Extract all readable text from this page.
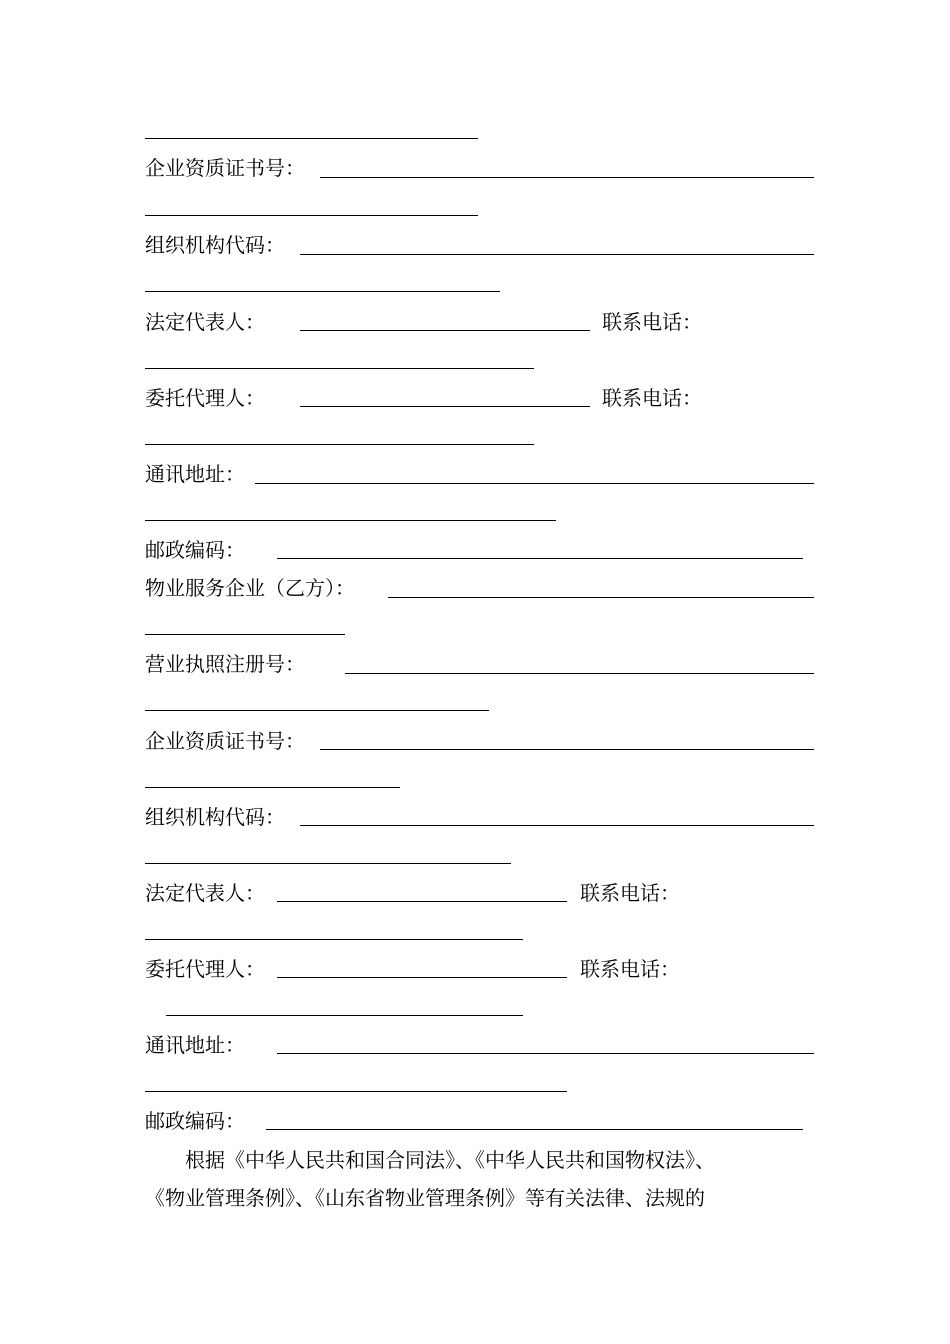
企业资质证书号：
组织机构代码：
法定代表人：	联系电话：
委托代理人：	联系电话：
通讯地址：
邮政编码：
物业服务企业（乙方）：
营业执照注册号：
企业资质证书号：
组织机构代码：
法定代表人：	联系电话：
委托代理人：	联系电话：
通讯地址：
邮政编码：
　　根据《中华人民共和国合同法》、《中华人民共和国物权法》、
《物业管理条例》、《山东省物业管理条例》等有关法律、法规的
